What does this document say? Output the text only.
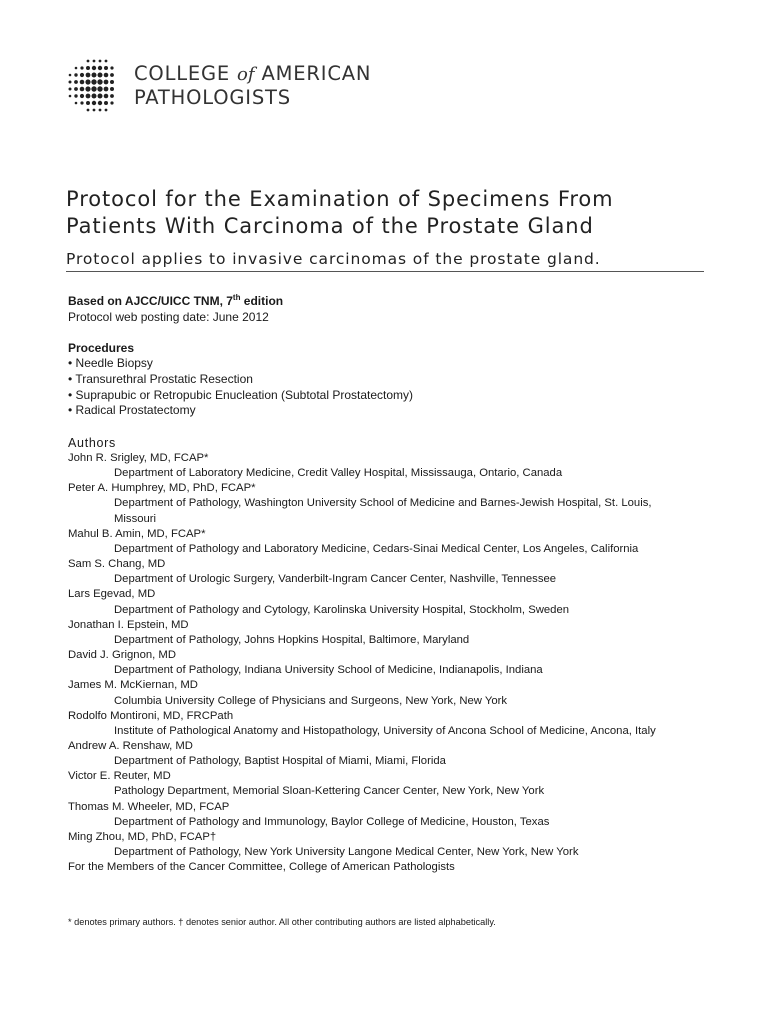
COLLEGE of AMERICAN
PATHOLOGISTS
Protocol for the Examination of Specimens From Patients With Carcinoma of the Prostate Gland
Protocol applies to invasive carcinomas of the prostate gland.
Based on AJCC/UICC TNM, 7th edition
Protocol web posting date: June 2012
Procedures
• Needle Biopsy
• Transurethral Prostatic Resection
• Suprapubic or Retropubic Enucleation (Subtotal Prostatectomy)
• Radical Prostatectomy
Authors

John R. Srigley, MD, FCAP*

Department of Laboratory Medicine, Credit Valley Hospital, Mississauga, Ontario, Canada

Peter A. Humphrey, MD, PhD, FCAP*

Department of Pathology, Washington University School of Medicine and Barnes-Jewish Hospital, St. Louis, Missouri

Mahul B. Amin, MD, FCAP*

Department of Pathology and Laboratory Medicine, Cedars-Sinai Medical Center, Los Angeles, California

Sam S. Chang, MD

Department of Urologic Surgery, Vanderbilt-Ingram Cancer Center, Nashville, Tennessee

Lars Egevad, MD

Department of Pathology and Cytology, Karolinska University Hospital, Stockholm, Sweden

Jonathan I. Epstein, MD

Department of Pathology, Johns Hopkins Hospital, Baltimore, Maryland

David J. Grignon, MD

Department of Pathology, Indiana University School of Medicine, Indianapolis, Indiana

James M. McKiernan, MD

Columbia University College of Physicians and Surgeons, New York, New York

Rodolfo Montironi, MD, FRCPath

Institute of Pathological Anatomy and Histopathology, University of Ancona School of Medicine, Ancona, Italy

Andrew A. Renshaw, MD

Department of Pathology, Baptist Hospital of Miami, Miami, Florida

Victor E. Reuter, MD

Pathology Department, Memorial Sloan-Kettering Cancer Center, New York, New York

Thomas M. Wheeler, MD, FCAP

Department of Pathology and Immunology, Baylor College of Medicine, Houston, Texas

Ming Zhou, MD, PhD, FCAP†

Department of Pathology, New York University Langone Medical Center, New York, New York

For the Members of the Cancer Committee, College of American Pathologists

* denotes primary authors. † denotes senior author. All other contributing authors are listed alphabetically.
